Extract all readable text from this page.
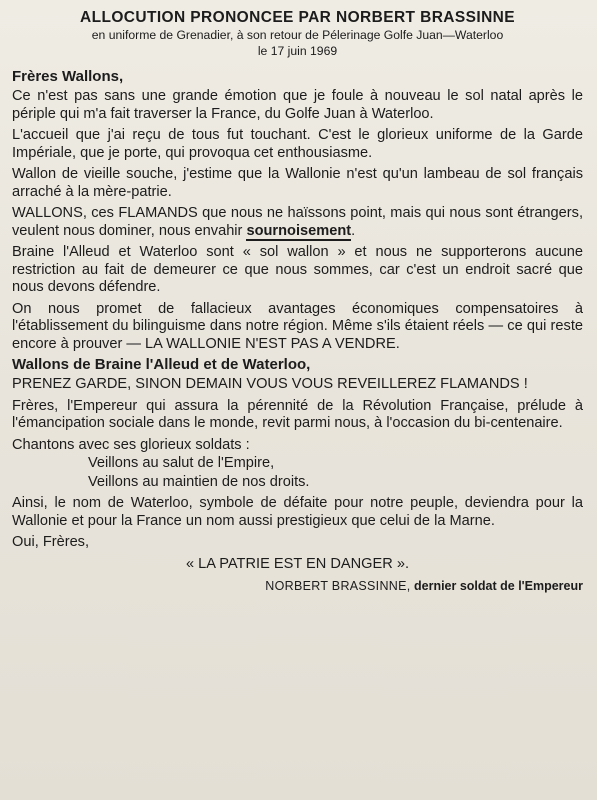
ALLOCUTION PRONONCEE PAR NORBERT BRASSINNE

en uniforme de Grenadier, à son retour de Pélerinage Golfe Juan—Waterloo

le 17 juin 1969

Frères Wallons,

Ce n'est pas sans une grande émotion que je foule à nouveau le sol natal après le périple qui m'a fait traverser la France, du Golfe Juan à Waterloo.

L'accueil que j'ai reçu de tous fut touchant. C'est le glorieux uniforme de la Garde Impériale, que je porte, qui provoqua cet enthousiasme.

Wallon de vieille souche, j'estime que la Wallonie n'est qu'un lambeau de sol français arraché à la mère-patrie.

WALLONS, ces FLAMANDS que nous ne haïssons point, mais qui nous sont étrangers, veulent nous dominer, nous envahir sournoisement.

Braine l'Alleud et Waterloo sont « sol wallon » et nous ne supporterons aucune restriction au fait de demeurer ce que nous sommes, car c'est un endroit sacré que nous devons défendre.

On nous promet de fallacieux avantages économiques compensatoires à l'établissement du bilinguisme dans notre région. Même s'ils étaient réels — ce qui reste encore à prouver — LA WALLONIE N'EST PAS A VENDRE.

Wallons de Braine l'Alleud et de Waterloo,

PRENEZ GARDE, SINON DEMAIN VOUS VOUS REVEILLEREZ FLAMANDS !

Frères, l'Empereur qui assura la pérennité de la Révolution Française, prélude à l'émancipation sociale dans le monde, revit parmi nous, à l'occasion du bi-centenaire.

Chantons avec ses glorieux soldats :

Veillons au salut de l'Empire,

Veillons au maintien de nos droits.

Ainsi, le nom de Waterloo, symbole de défaite pour notre peuple, deviendra pour la Wallonie et pour la France un nom aussi prestigieux que celui de la Marne.

Oui, Frères,

« LA PATRIE EST EN DANGER ».

NORBERT BRASSINNE, dernier soldat de l'Empereur
